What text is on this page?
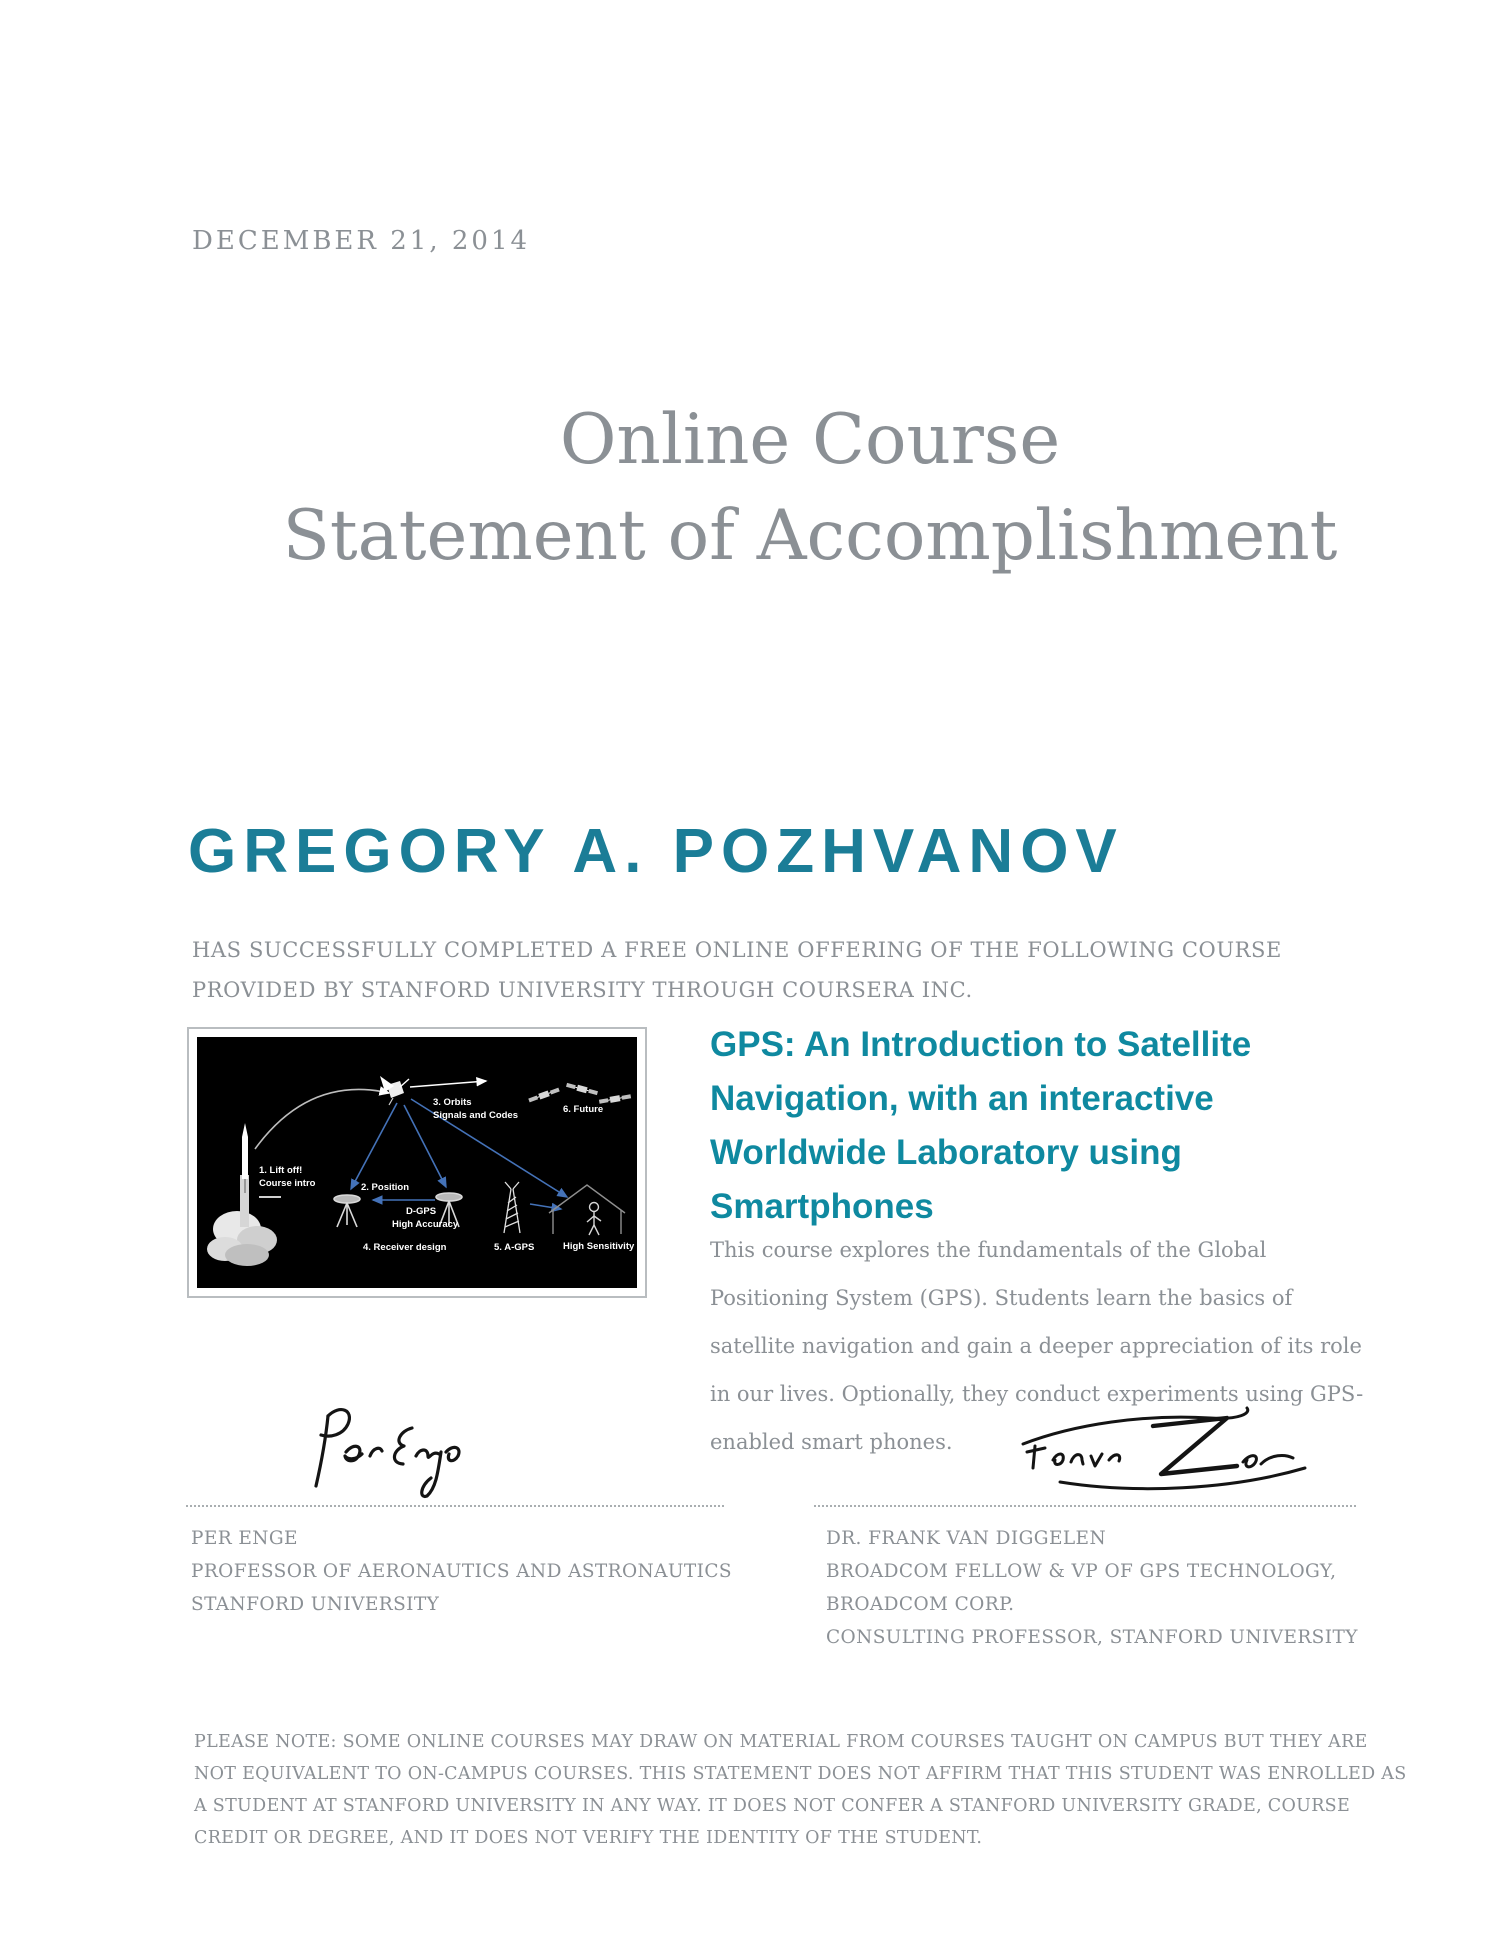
DECEMBER 21, 2014
Online Course
Statement of Accomplishment
GREGORY A. POZHVANOV
HAS SUCCESSFULLY COMPLETED A FREE ONLINE OFFERING OF THE FOLLOWING COURSE
PROVIDED BY STANFORD UNIVERSITY THROUGH COURSERA INC.
1. Lift off!
Course intro	2. Position
3. Orbits
Signals and Codes
D-GPS
High Accuracy
4. Receiver design	5. A-GPS	High Sensitivity
6. Future
GPS: An Introduction to Satellite
Navigation, with an interactive
Worldwide Laboratory using
Smartphones
This course explores the fundamentals of the Global Positioning System (GPS). Students learn the basics of satellite navigation and gain a deeper appreciation of its role in our lives. Optionally, they conduct experiments using GPS-enabled smart phones.
PER ENGE
PROFESSOR OF AERONAUTICS AND ASTRONAUTICS
STANFORD UNIVERSITY
DR. FRANK VAN DIGGELEN
BROADCOM FELLOW & VP OF GPS TECHNOLOGY,
BROADCOM CORP.
CONSULTING PROFESSOR, STANFORD UNIVERSITY
PLEASE NOTE: SOME ONLINE COURSES MAY DRAW ON MATERIAL FROM COURSES TAUGHT ON CAMPUS BUT THEY ARE NOT EQUIVALENT TO ON-CAMPUS COURSES. THIS STATEMENT DOES NOT AFFIRM THAT THIS STUDENT WAS ENROLLED AS A STUDENT AT STANFORD UNIVERSITY IN ANY WAY. IT DOES NOT CONFER A STANFORD UNIVERSITY GRADE, COURSE CREDIT OR DEGREE, AND IT DOES NOT VERIFY THE IDENTITY OF THE STUDENT.
